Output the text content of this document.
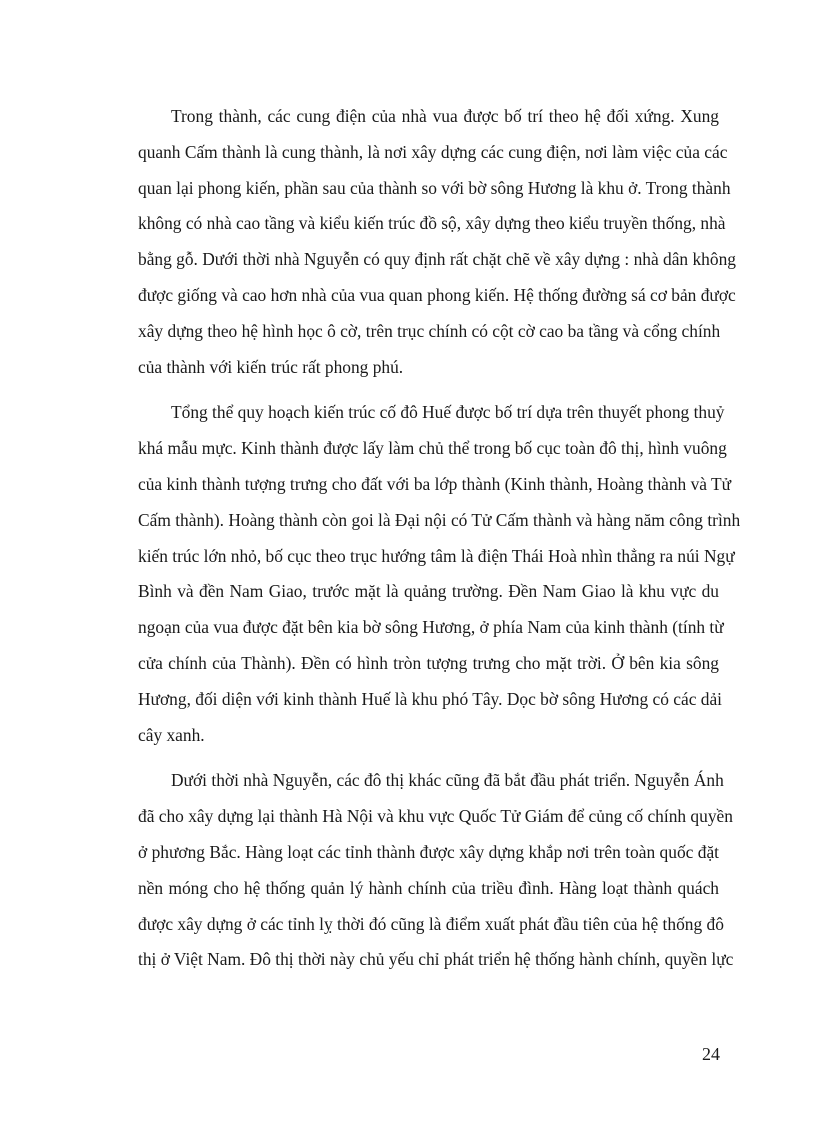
Trong thành, các cung điện của nhà vua được bố trí theo hệ đối xứng. Xung
quanh Cấm thành là cung thành, là nơi xây dựng các cung điện, nơi làm việc của các
quan lại phong kiến, phần sau của thành so với bờ sông Hương là khu ở. Trong thành
không có nhà cao tầng và kiểu kiến trúc đồ sộ, xây dựng theo kiểu truyền thống, nhà
bằng gỗ. Dưới thời nhà Nguyễn có quy định rất chặt chẽ về xây dựng : nhà dân không
được giống và cao hơn nhà của vua quan phong kiến. Hệ thống đường sá cơ bản được
xây dựng theo hệ hình học ô cờ, trên trục chính có cột cờ cao ba tầng và cổng chính
của thành với kiến trúc rất phong phú.

Tổng thể quy hoạch kiến trúc cố đô Huế được bố trí dựa trên thuyết phong thuỷ
khá mẫu mực. Kinh thành được lấy làm chủ thể trong bố cục toàn đô thị, hình vuông
của kinh thành tượng trưng cho đất với ba lớp thành (Kinh thành, Hoàng thành và Tử
Cấm thành). Hoàng thành còn goi là Đại nội có Tử Cấm thành và hàng năm công trình
kiến trúc lớn nhỏ, bố cục theo trục hướng tâm là điện Thái Hoà nhìn thẳng ra núi Ngự
Bình và đền Nam Giao, trước mặt là quảng trường. Đền Nam Giao là khu vực du
ngoạn của vua được đặt bên kia bờ sông Hương, ở phía Nam của kinh thành (tính từ
cửa chính của Thành). Đền có hình tròn tượng trưng cho mặt trời. Ở bên kia sông
Hương, đối diện với kinh thành Huế là khu phó Tây. Dọc bờ sông Hương có các dải
cây xanh.

Dưới thời nhà Nguyễn, các đô thị khác cũng đã bắt đầu phát triển. Nguyễn Ánh
đã cho xây dựng lại thành Hà Nội và khu vực Quốc Tử Giám để củng cố chính quyền
ở phương Bắc. Hàng loạt các tỉnh thành được xây dựng khắp nơi trên toàn quốc đặt
nền móng cho hệ thống quản lý hành chính của triều đình. Hàng loạt thành quách
được xây dựng ở các tỉnh lỵ thời đó cũng là điểm xuất phát đầu tiên của hệ thống đô
thị ở Việt Nam. Đô thị thời này chủ yếu chỉ phát triển hệ thống hành chính, quyền lực

24
